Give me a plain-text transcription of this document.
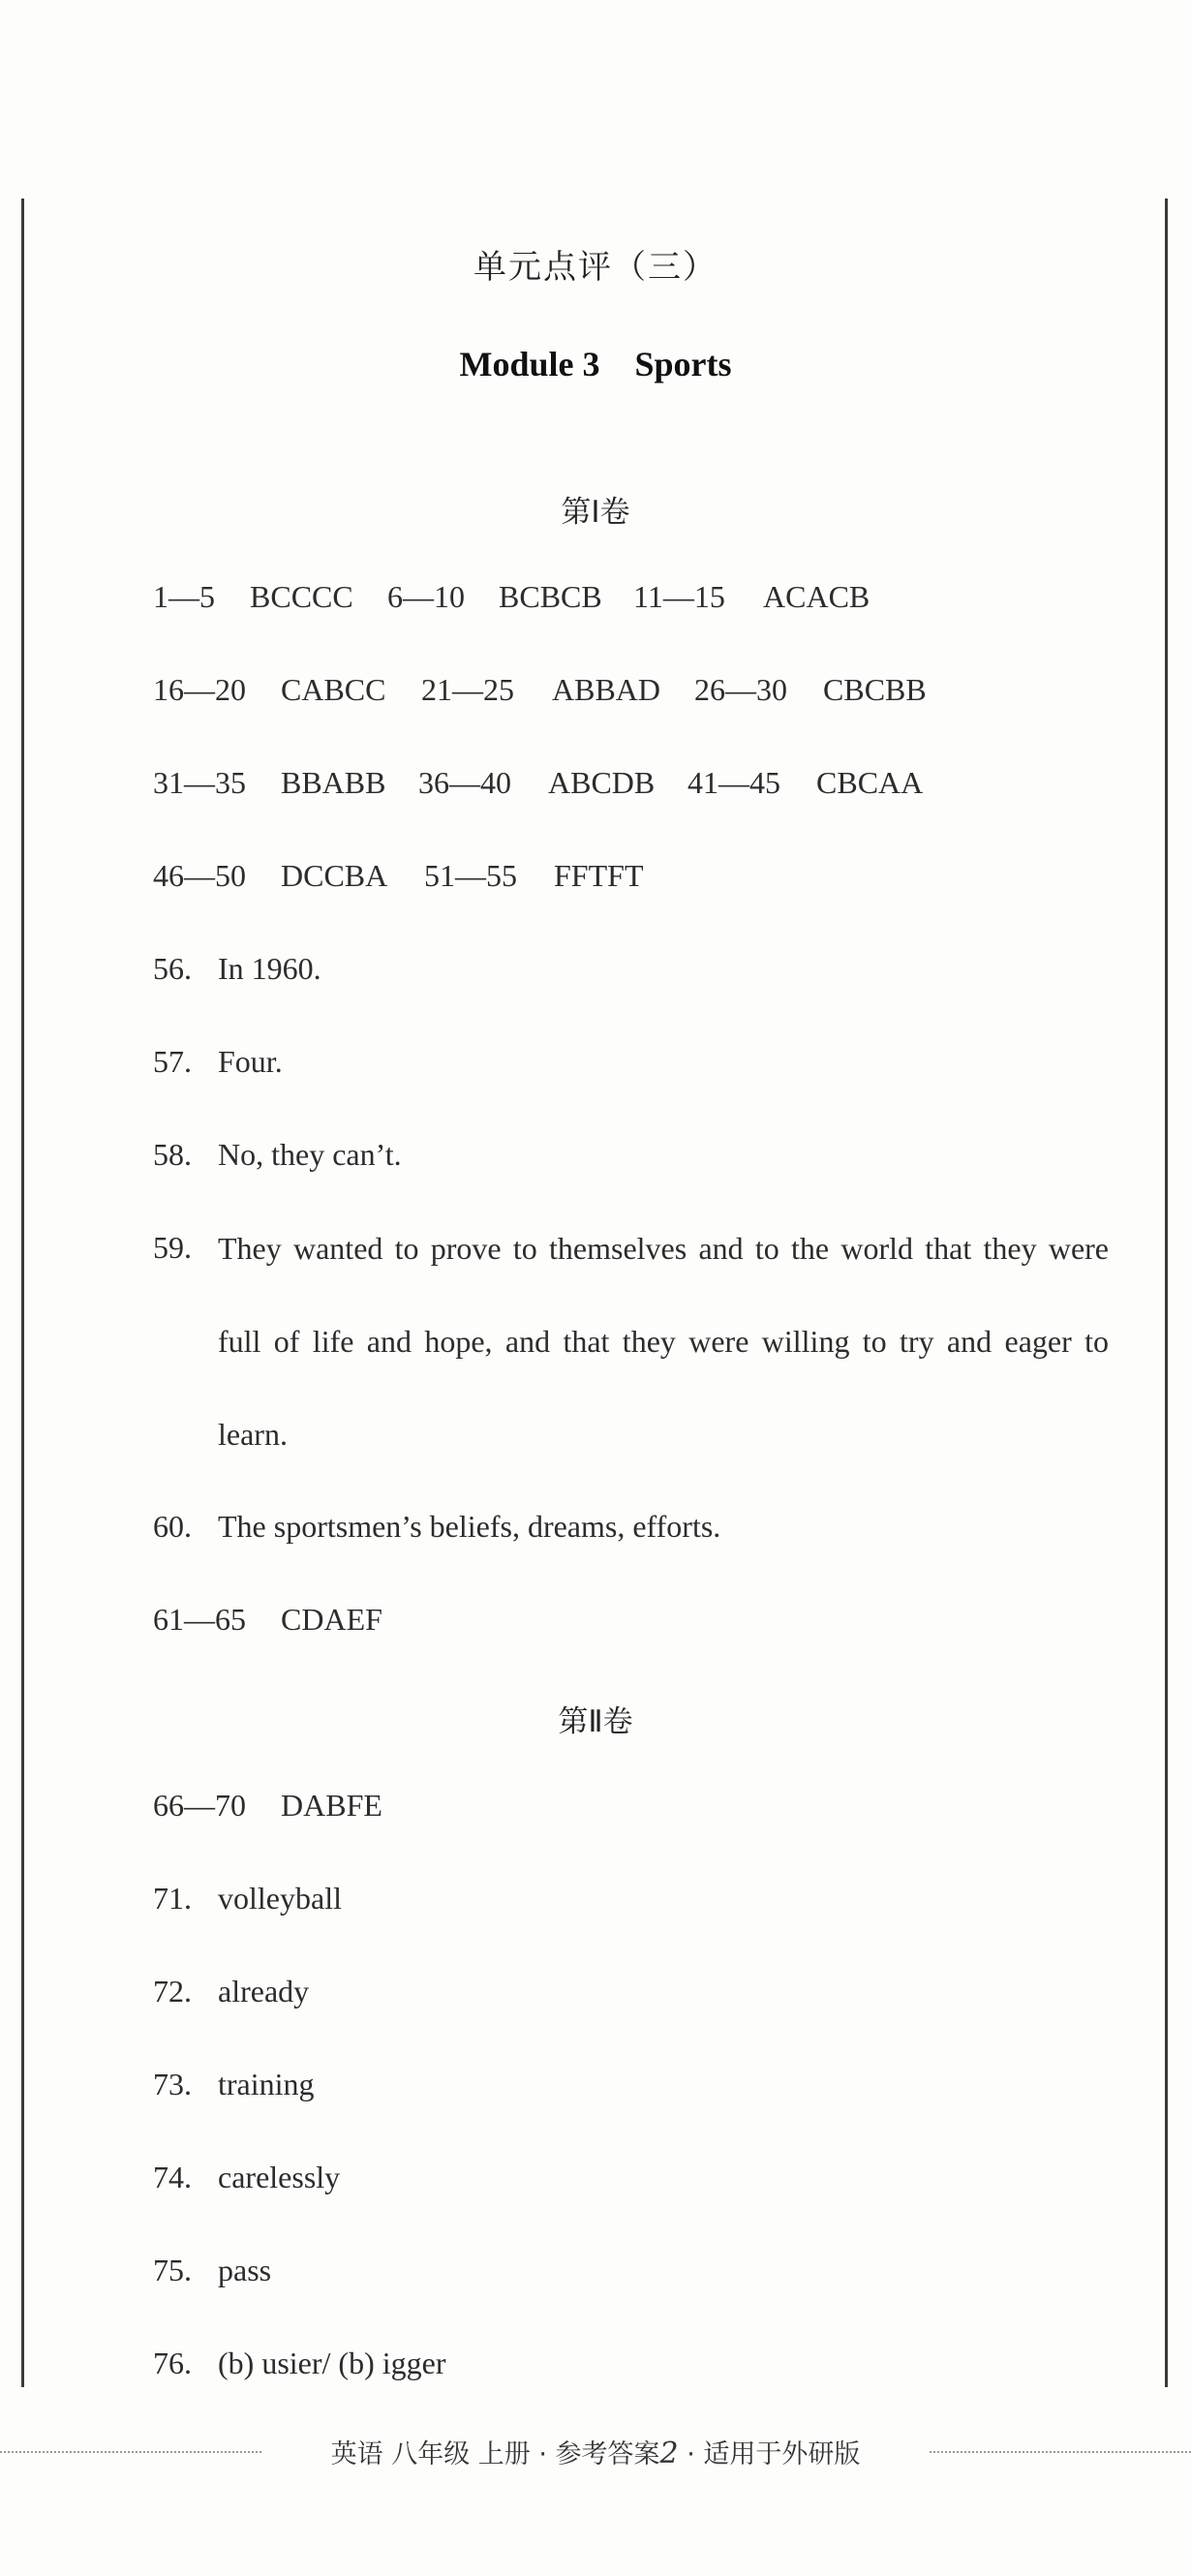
单元点评（三）
Module 3    Sports
第Ⅰ卷
1—5 BCCCC 6—10 BCBCB 11—15 ACACB
16—20 CABCC 21—25 ABBAD 26—30 CBCBB
31—35 BBABB 36—40 ABCDB 41—45 CBCAA
46—50 DCCBA 51—55 FFTFT
56. In 1960.
57. Four.
58. No, they can’t.
59. They wanted to prove to themselves and to the world that they were full of life and hope, and that they were willing to try and eager to learn.
60. The sportsmen’s beliefs, dreams, efforts.
61—65 CDAEF
第Ⅱ卷
66—70 DABFE
71. volleyball
72. already
73. training
74. carelessly
75. pass
76. (b) usier/ (b) igger
英语 八年级 上册 · 参考答案2 · 适用于外研版
